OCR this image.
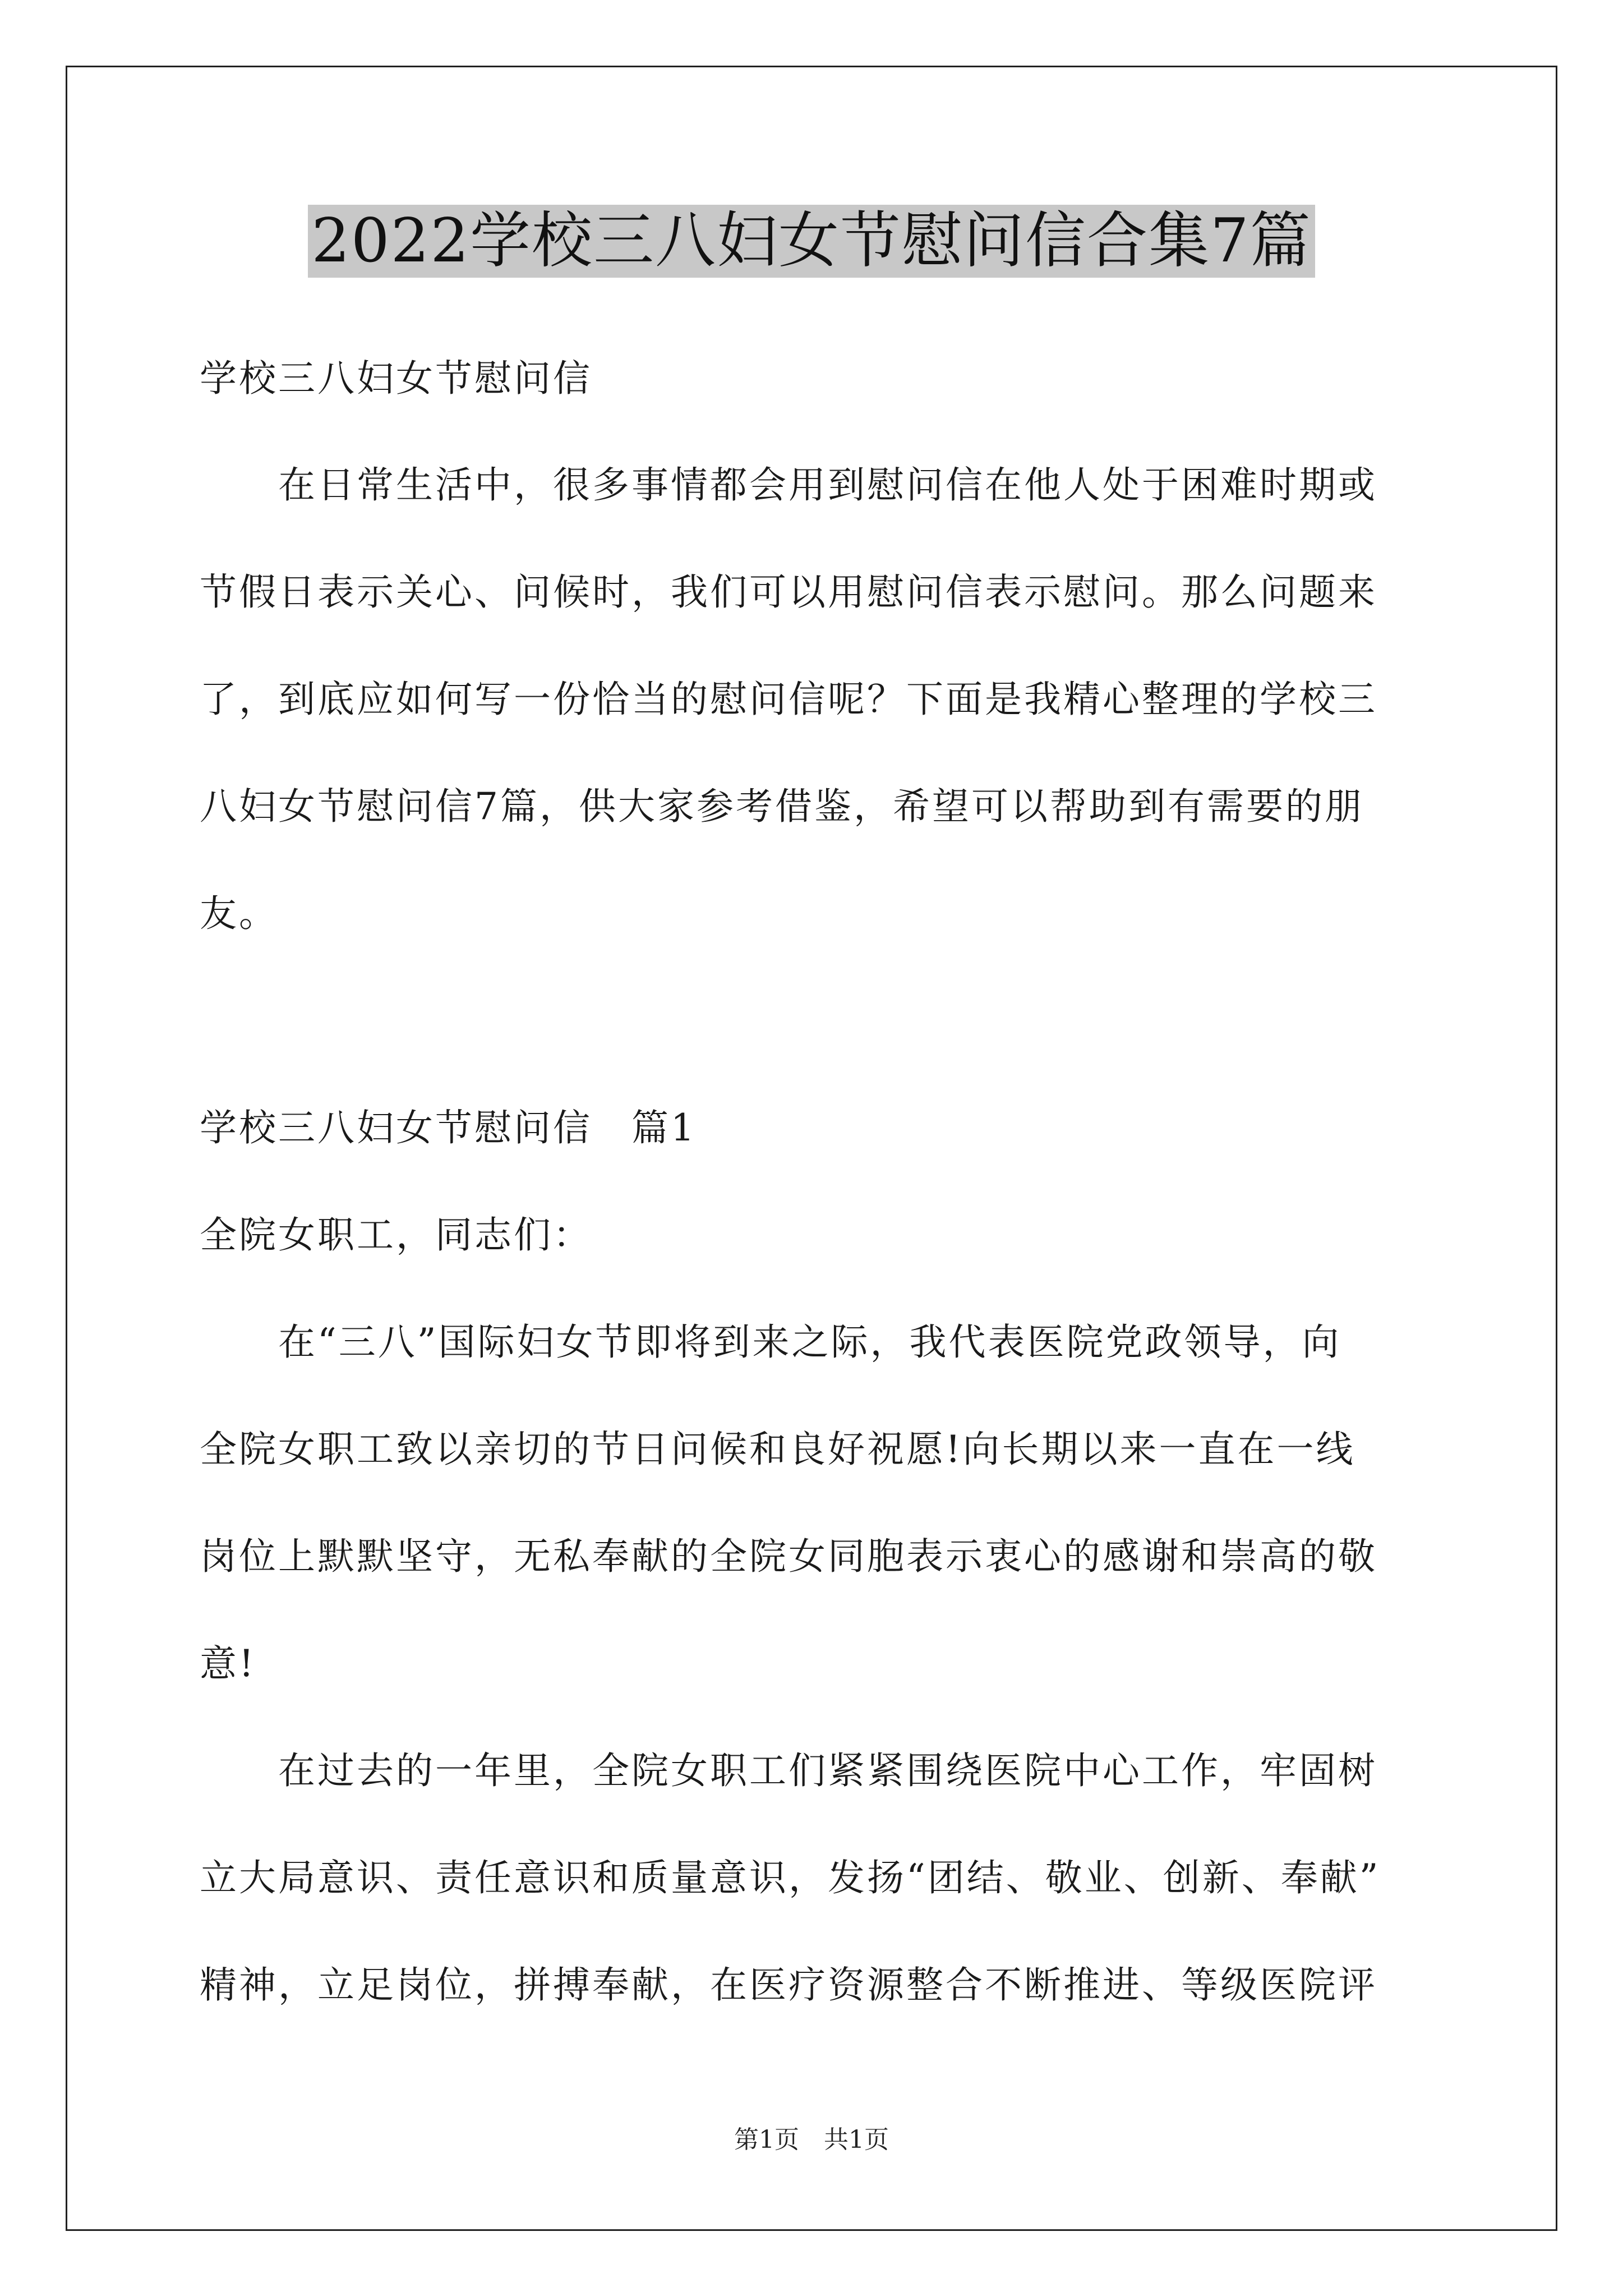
2022学校三八妇女节慰问信合集7篇
学校三八妇女节慰问信
　　在日常生活中，很多事情都会用到慰问信在他人处于困难时期或
节假日表示关心、问候时，我们可以用慰问信表示慰问。那么问题来
了，到底应如何写一份恰当的慰问信呢？下面是我精心整理的学校三
八妇女节慰问信7篇，供大家参考借鉴，希望可以帮助到有需要的朋
友。
学校三八妇女节慰问信　篇1
全院女职工，同志们：
　　在“三八”国际妇女节即将到来之际，我代表医院党政领导，向
全院女职工致以亲切的节日问候和良好祝愿!向长期以来一直在一线
岗位上默默坚守，无私奉献的全院女同胞表示衷心的感谢和崇高的敬
意!
　　在过去的一年里，全院女职工们紧紧围绕医院中心工作，牢固树
立大局意识、责任意识和质量意识，发扬“团结、敬业、创新、奉献”
精神，立足岗位，拼搏奉献，在医疗资源整合不断推进、等级医院评
第1页　共1页
